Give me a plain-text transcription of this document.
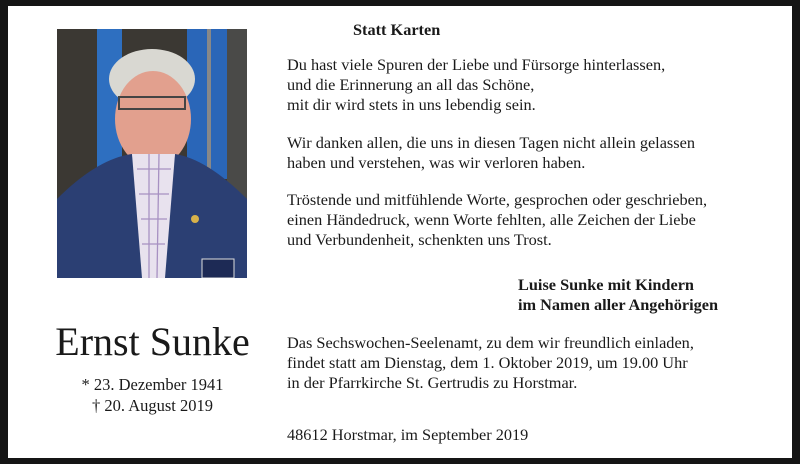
Ernst Sunke
* 23. Dezember 1941
† 20. August 2019
Statt Karten
Du hast viele Spuren der Liebe und Fürsorge hinterlassen,
und die Erinnerung an all das Schöne,
mit dir wird stets in uns lebendig sein.
Wir danken allen, die uns in diesen Tagen nicht allein gelassen
haben und verstehen, was wir verloren haben.
Tröstende und mitfühlende Worte, gesprochen oder geschrieben,
einen Händedruck, wenn Worte fehlten, alle Zeichen der Liebe
und Verbundenheit, schenkten uns Trost.
Luise Sunke mit Kindern
im Namen aller Angehörigen
Das Sechswochen-Seelenamt, zu dem wir freundlich einladen,
findet statt am Dienstag, dem 1. Oktober 2019, um 19.00 Uhr
in der Pfarrkirche St. Gertrudis zu Horstmar.
48612 Horstmar, im September 2019
